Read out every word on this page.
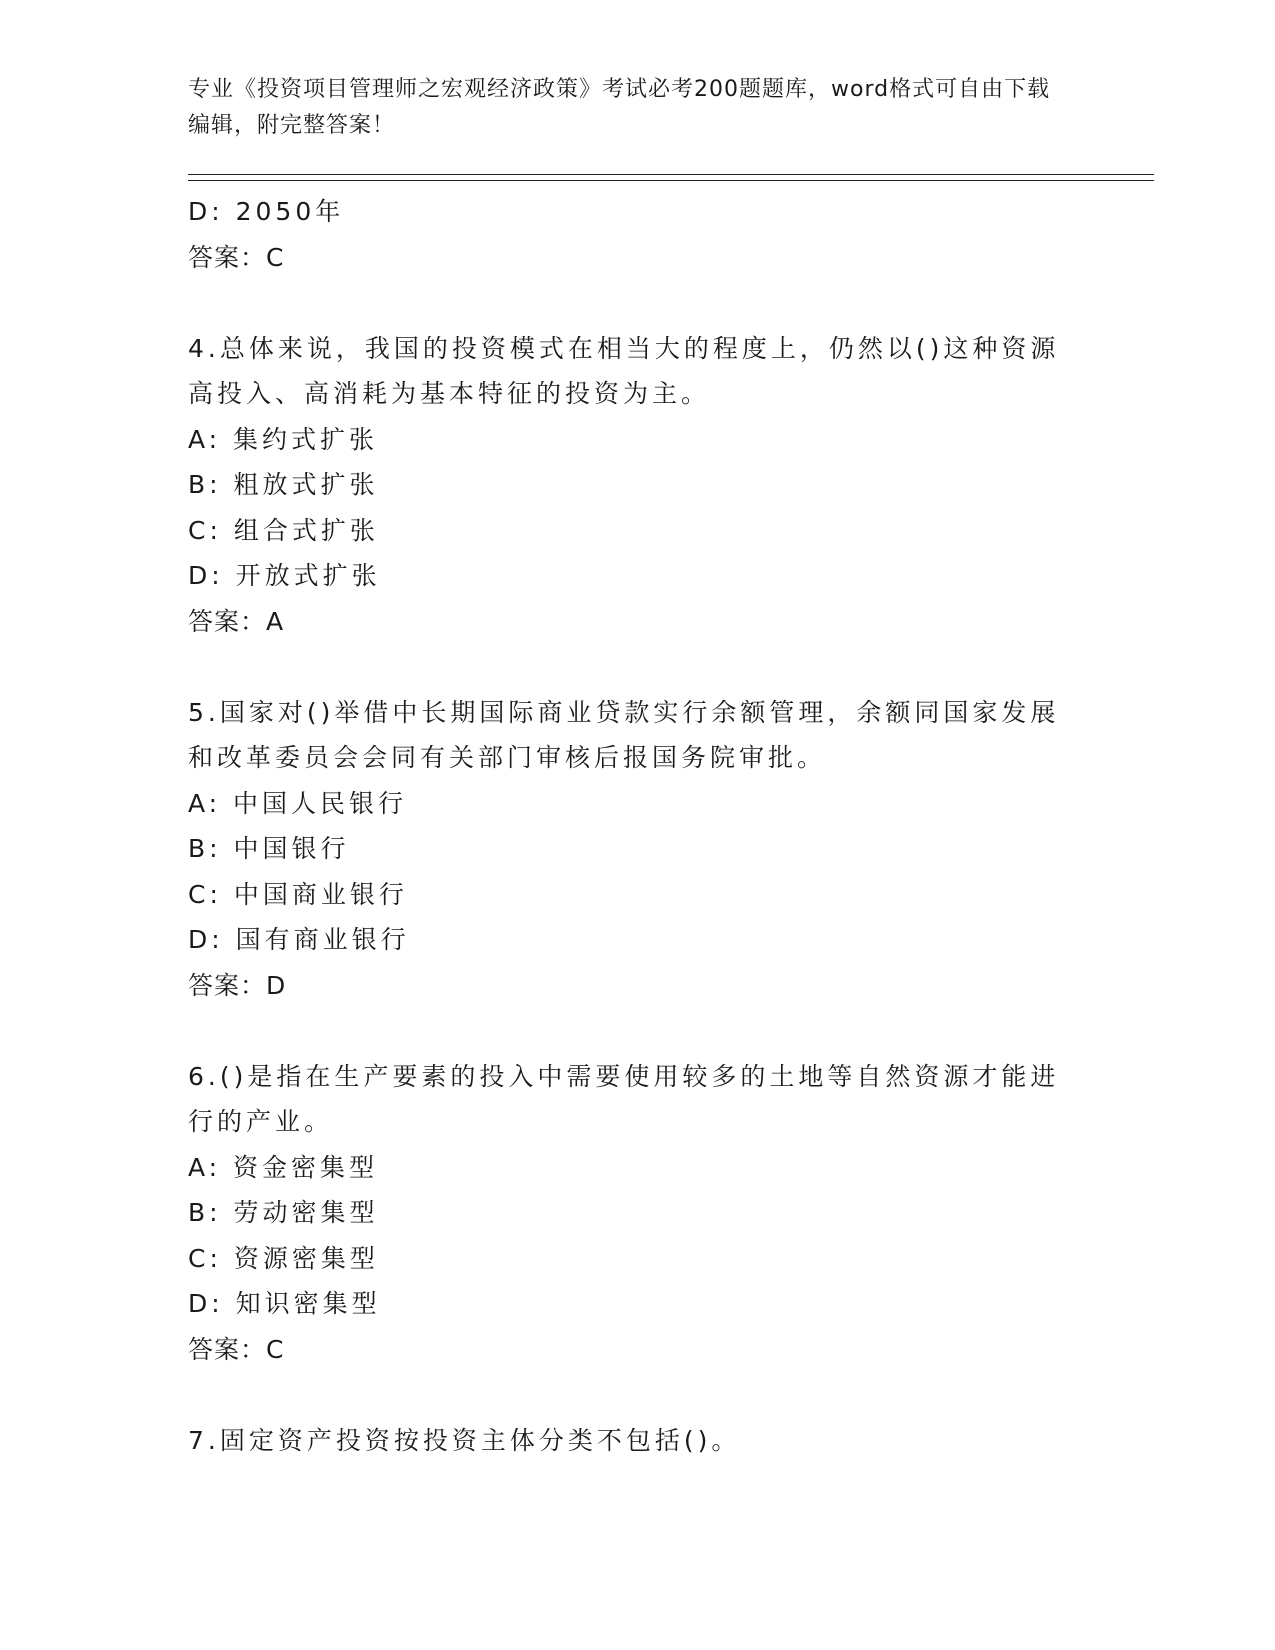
专业《投资项目管理师之宏观经济政策》考试必考200题题库，word格式可自由下载编辑，附完整答案！
D: 2050年
答案：C
4.总体来说，我国的投资模式在相当大的程度上，仍然以()这种资源
高投入、高消耗为基本特征的投资为主。
A: 集约式扩张
B: 粗放式扩张
C: 组合式扩张
D: 开放式扩张
答案：A
5.国家对()举借中长期国际商业贷款实行余额管理，余额同国家发展
和改革委员会会同有关部门审核后报国务院审批。
A: 中国人民银行
B: 中国银行
C: 中国商业银行
D: 国有商业银行
答案：D
6.()是指在生产要素的投入中需要使用较多的土地等自然资源才能进
行的产业。
A: 资金密集型
B: 劳动密集型
C: 资源密集型
D: 知识密集型
答案：C
7.固定资产投资按投资主体分类不包括()。
